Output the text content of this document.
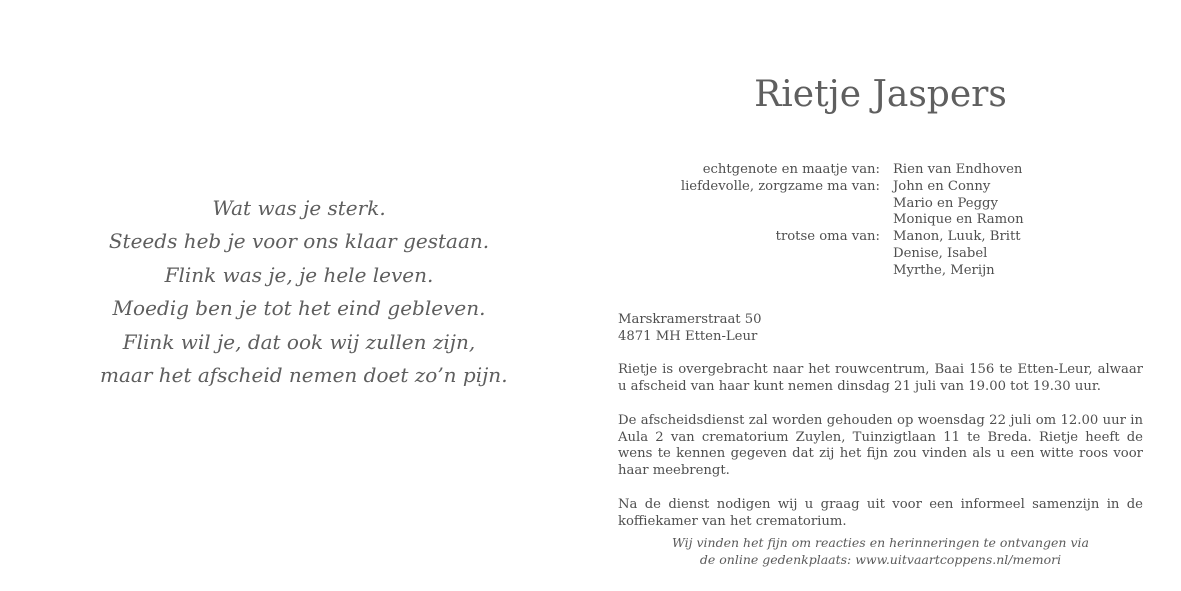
Wat was je sterk.
Steeds heb je voor ons klaar gestaan.
Flink was je, je hele leven.
Moedig ben je tot het eind gebleven.
Flink wil je, dat ook wij zullen zijn,
maar het afscheid nemen doet zo’n pijn.
Rietje Jaspers
echtgenote en maatje van: Rien van Endhoven
liefdevolle, zorgzame ma van: John en Conny
Mario en Peggy
Monique en Ramon
trotse oma van: Manon, Luuk, Britt
Denise, Isabel
Myrthe, Merijn

Marskramerstraat 50
4871 MH Etten-Leur

Rietje is overgebracht naar het rouwcentrum, Baai 156 te Etten-Leur, alwaar u afscheid van haar kunt nemen dinsdag 21 juli van 19.00 tot 19.30 uur.

De afscheidsdienst zal worden gehouden op woensdag 22 juli om 12.00 uur in Aula 2 van crematorium Zuylen, Tuinzigtlaan 11 te Breda. Rietje heeft de wens te kennen gegeven dat zij het fijn zou vinden als u een witte roos voor haar meebrengt.

Na de dienst nodigen wij u graag uit voor een informeel samenzijn in de koffiekamer van het crematorium.

Wij vinden het fijn om reacties en herinneringen te ontvangen via
de online gedenkplaats: www.uitvaartcoppens.nl/memori
